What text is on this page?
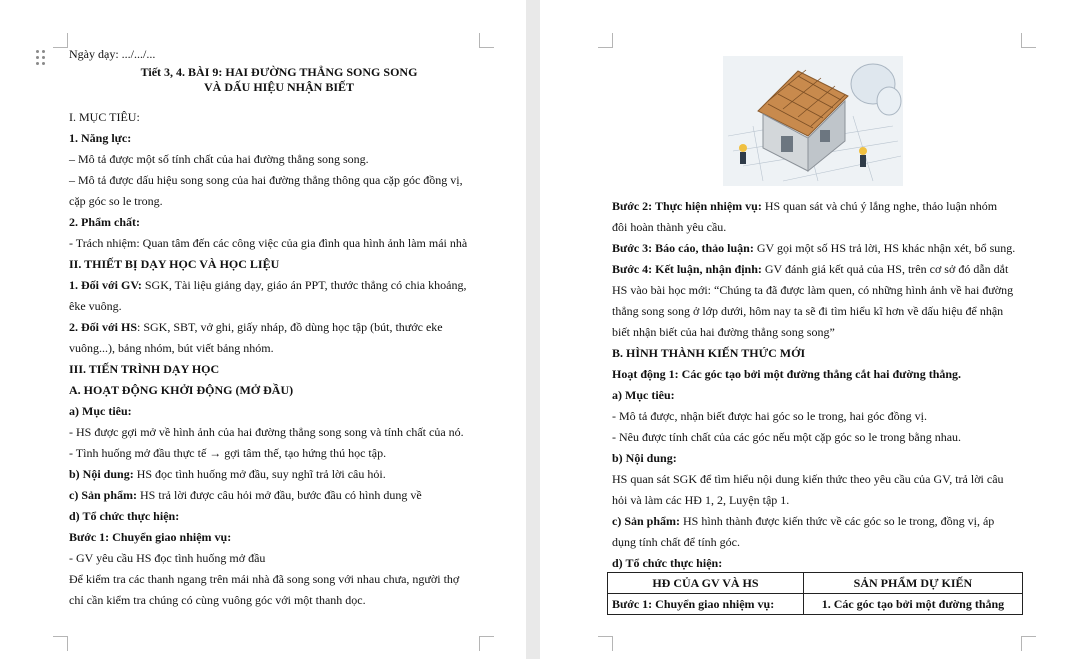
Ngày dạy: .../.../...
Tiết 3, 4. BÀI 9: HAI ĐƯỜNG THẲNG SONG SONG
VÀ DẤU HIỆU NHẬN BIẾT
I. MỤC TIÊU:
1. Năng lực:
– Mô tả được một số tính chất của hai đường thẳng song song.
– Mô tả được dấu hiệu song song của hai đường thẳng thông qua cặp góc đồng vị,
cặp góc so le trong.
2. Phẩm chất:
- Trách nhiệm: Quan tâm đến các công việc của gia đình qua hình ảnh làm mái nhà
II. THIẾT BỊ DẠY HỌC VÀ HỌC LIỆU
1. Đối với GV: SGK, Tài liệu giảng dạy, giáo án PPT, thước thẳng có chia khoảng,
êke vuông.
2. Đối với HS: SGK, SBT, vở ghi, giấy nháp, đồ dùng học tập (bút, thước eke
vuông...), bảng nhóm, bút viết bảng nhóm.
III. TIẾN TRÌNH DẠY HỌC
A. HOẠT ĐỘNG KHỞI ĐỘNG (MỞ ĐẦU)
a) Mục tiêu:
- HS được gợi mở về hình ảnh của hai đường thẳng song song và tính chất của nó.
- Tình huống mở đầu thực tế → gợi tâm thế, tạo hứng thú học tập.
b) Nội dung: HS đọc tình huống mở đầu, suy nghĩ trả lời câu hỏi.
c) Sản phẩm: HS trả lời được câu hỏi mở đầu, bước đầu có hình dung về
d) Tổ chức thực hiện:
Bước 1: Chuyển giao nhiệm vụ:
- GV yêu cầu HS đọc tình huống mở đầu
Để kiểm tra các thanh ngang trên mái nhà đã song song với nhau chưa, người thợ
chỉ cần kiểm tra chúng có cùng vuông góc với một thanh dọc.
Bước 2: Thực hiện nhiệm vụ: HS quan sát và chú ý lắng nghe, thảo luận nhóm
đôi hoàn thành yêu cầu.
Bước 3: Báo cáo, thảo luận: GV gọi một số HS trả lời, HS khác nhận xét, bổ sung.
Bước 4: Kết luận, nhận định: GV đánh giá kết quả của HS, trên cơ sở đó dẫn dắt
HS vào bài học mới: “Chúng ta đã được làm quen, có những hình ảnh về hai đường
thẳng song song ở lớp dưới, hôm nay ta sẽ đi tìm hiểu kĩ hơn về dấu hiệu để nhận
biết nhận biết của hai đường thẳng song song”
B. HÌNH THÀNH KIẾN THỨC MỚI
Hoạt động 1: Các góc tạo bởi một đường thẳng cắt hai đường thẳng.
a) Mục tiêu:
- Mô tả được, nhận biết được hai góc so le trong, hai góc đồng vị.
- Nêu được tính chất của các góc nếu một cặp góc so le trong bằng nhau.
b) Nội dung:
HS quan sát SGK để tìm hiểu nội dung kiến thức theo yêu cầu của GV, trả lời câu
hỏi và làm các HĐ 1, 2, Luyện tập 1.
c) Sản phẩm: HS hình thành được kiến thức về các góc so le trong, đồng vị, áp
dụng tính chất để tính góc.
d) Tổ chức thực hiện:
HĐ CỦA GV VÀ HS	SẢN PHẨM DỰ KIẾN
Bước 1: Chuyển giao nhiệm vụ:	1. Các góc tạo bởi một đường thẳng
